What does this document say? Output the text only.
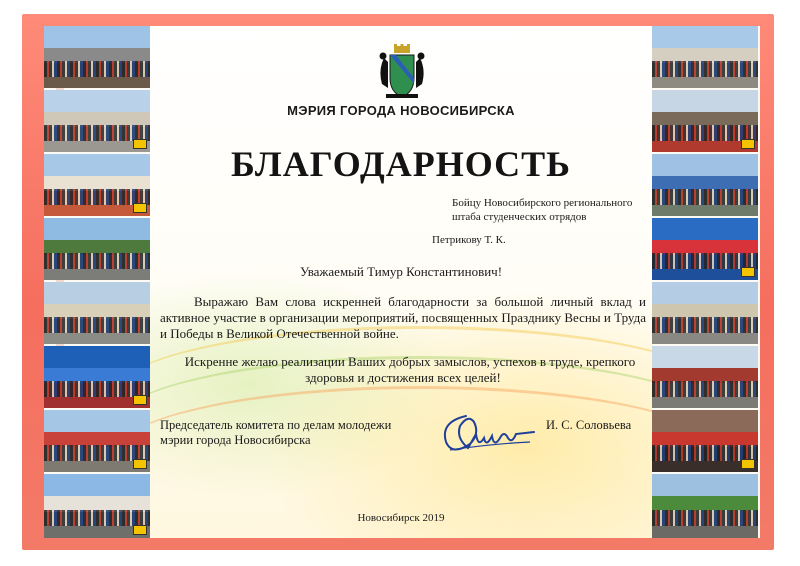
МЭРИЯ ГОРОДА НОВОСИБИРСКА

БЛАГОДАРНОСТЬ

Бойцу Новосибирского регионального
штаба студенческих отрядов

Петрикову Т. К.

Уважаемый Тимур Константинович!

Выражаю Вам слова искренней благодарности за большой личный вклад и активное участие в организации мероприятий, посвященных Празднику Весны и Труда и Победы в Великой Отечественной войне.

Искренне желаю реализации Ваших добрых замыслов, успехов в труде, крепкого здоровья и достижения всех целей!

Председатель комитета по делам молодежи
мэрии города Новосибирска

И. С. Соловьева

Новосибирск 2019
